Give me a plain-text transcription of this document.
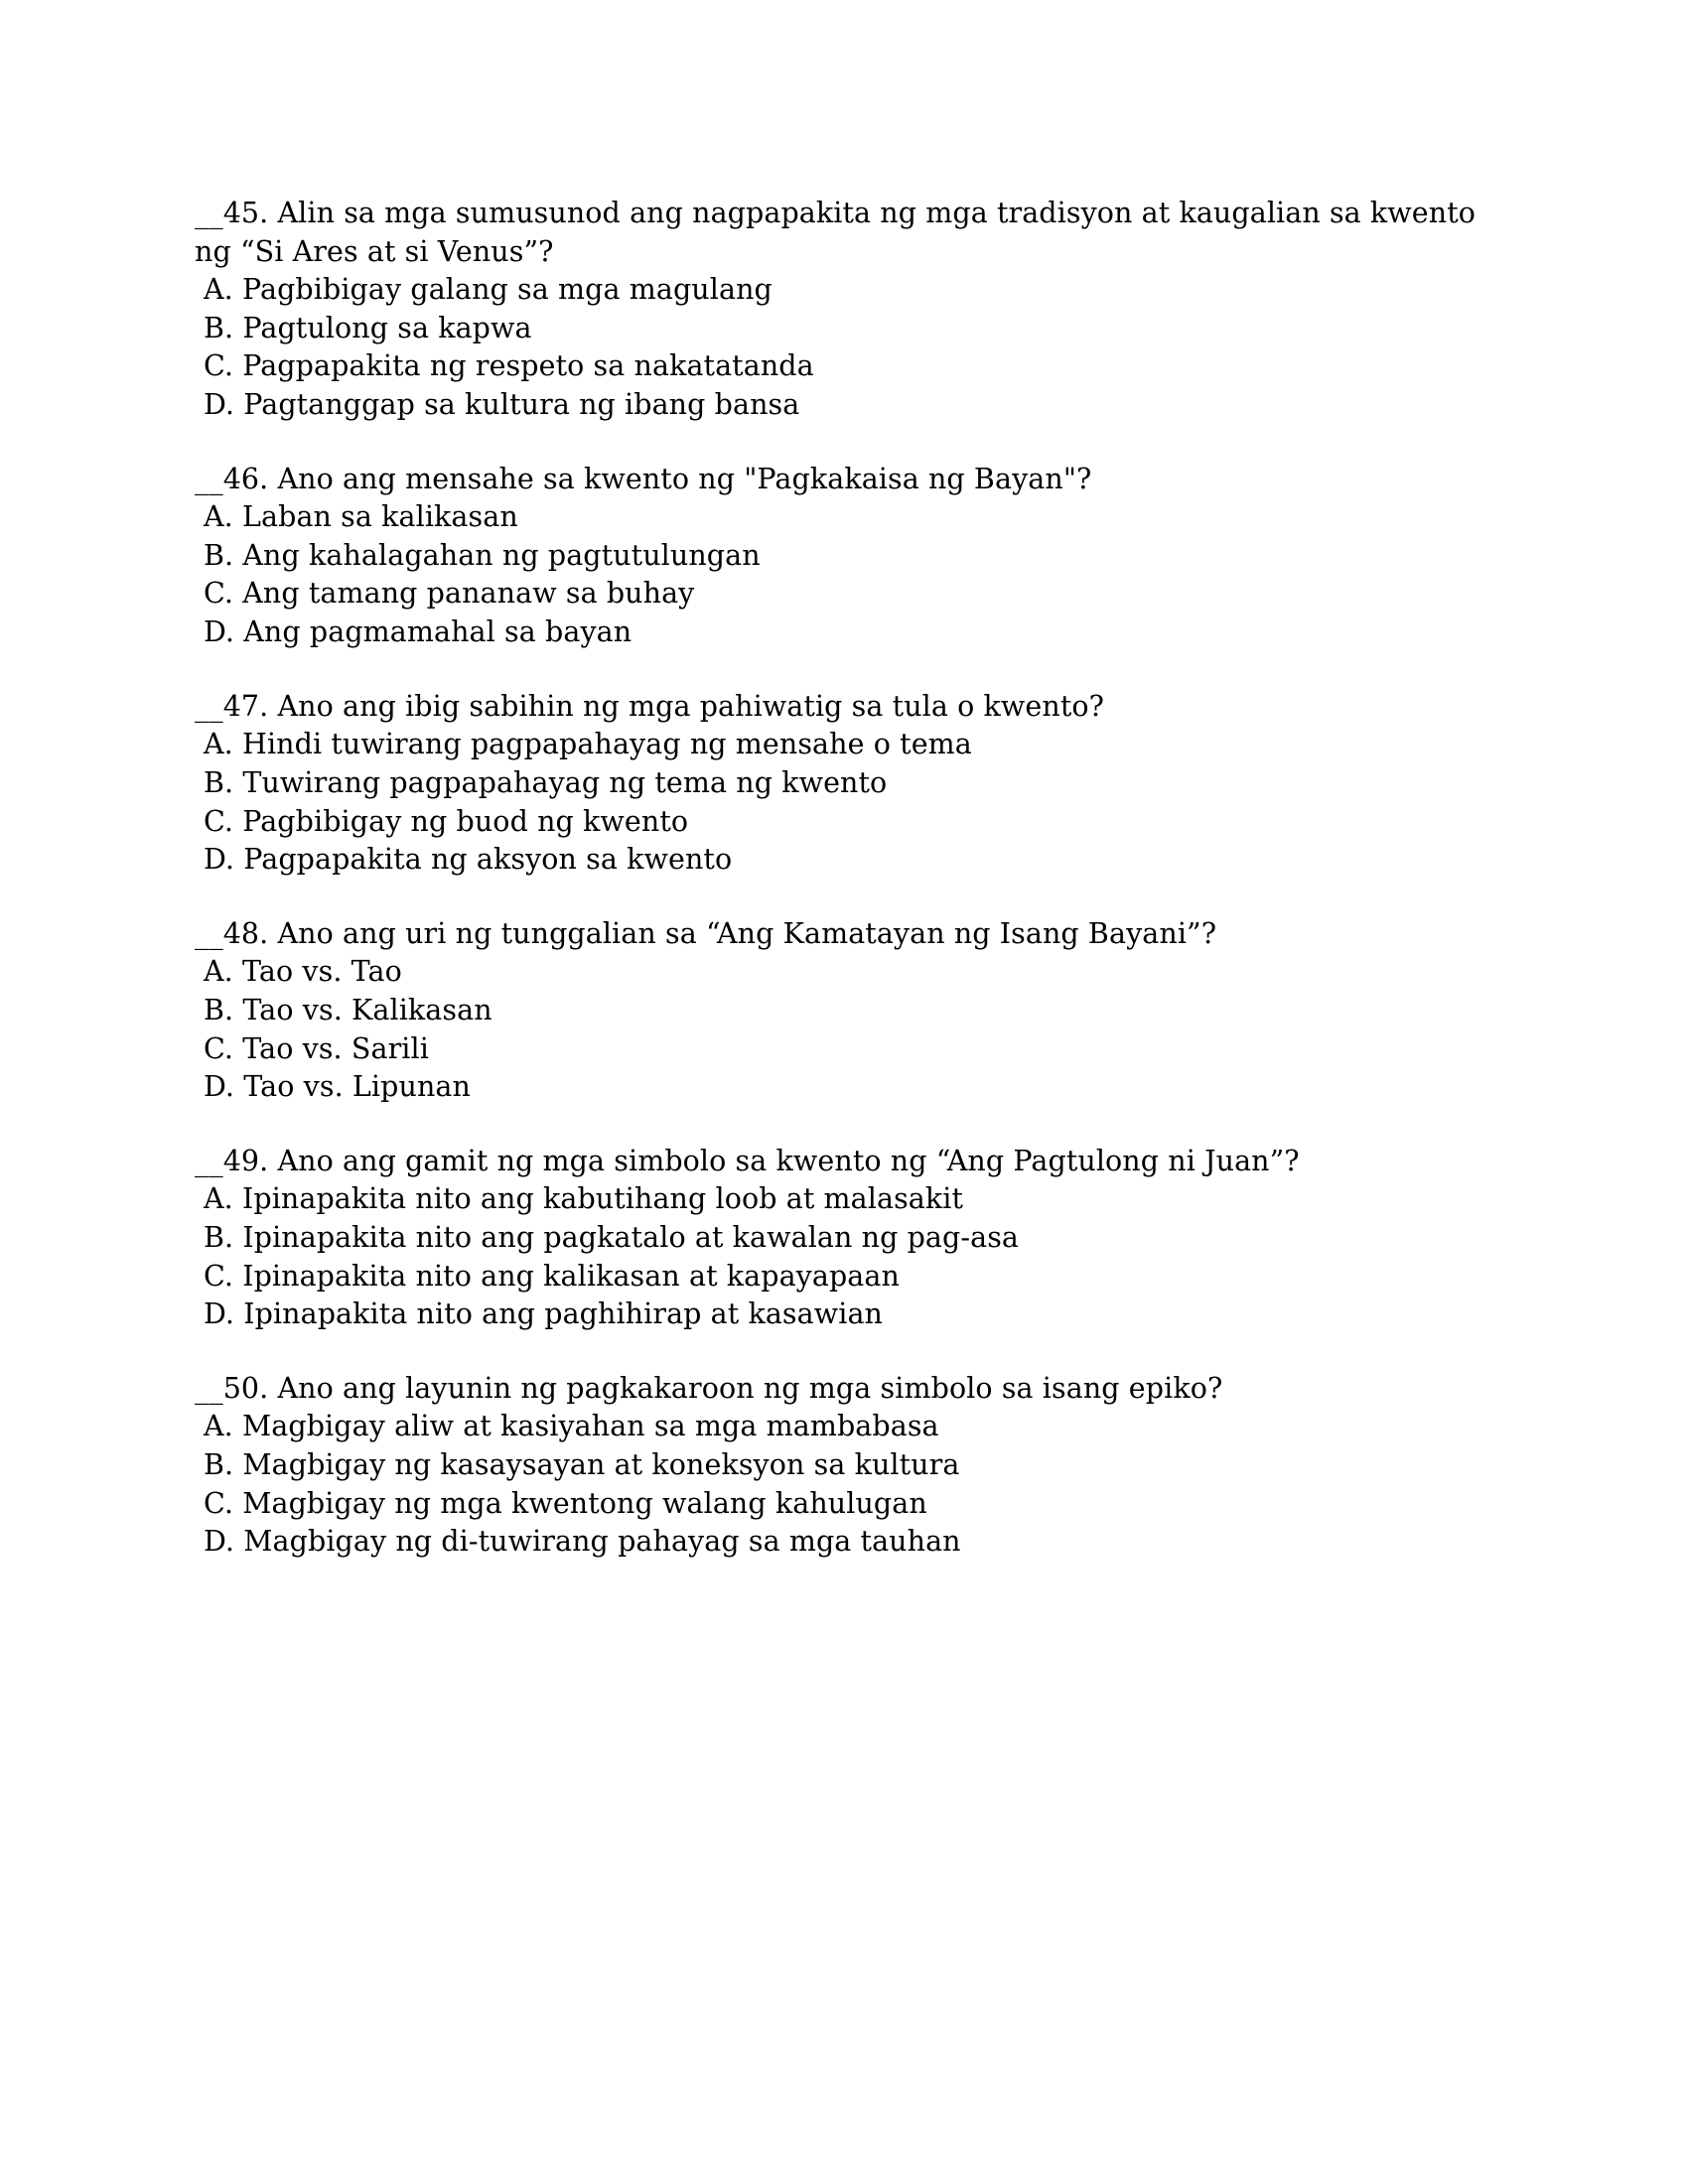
__45. Alin sa mga sumusunod ang nagpapakita ng mga tradisyon at kaugalian sa kwento ng “Si Ares at si Venus”?

A. Pagbibigay galang sa mga magulang

B. Pagtulong sa kapwa

C. Pagpapakita ng respeto sa nakatatanda

D. Pagtanggap sa kultura ng ibang bansa

__46. Ano ang mensahe sa kwento ng "Pagkakaisa ng Bayan"?

A. Laban sa kalikasan

B. Ang kahalagahan ng pagtutulungan

C. Ang tamang pananaw sa buhay

D. Ang pagmamahal sa bayan

__47. Ano ang ibig sabihin ng mga pahiwatig sa tula o kwento?

A. Hindi tuwirang pagpapahayag ng mensahe o tema

B. Tuwirang pagpapahayag ng tema ng kwento

C. Pagbibigay ng buod ng kwento

D. Pagpapakita ng aksyon sa kwento

__48. Ano ang uri ng tunggalian sa “Ang Kamatayan ng Isang Bayani”?

A. Tao vs. Tao

B. Tao vs. Kalikasan

C. Tao vs. Sarili

D. Tao vs. Lipunan

__49. Ano ang gamit ng mga simbolo sa kwento ng “Ang Pagtulong ni Juan”?

A. Ipinapakita nito ang kabutihang loob at malasakit

B. Ipinapakita nito ang pagkatalo at kawalan ng pag-asa

C. Ipinapakita nito ang kalikasan at kapayapaan

D. Ipinapakita nito ang paghihirap at kasawian

__50. Ano ang layunin ng pagkakaroon ng mga simbolo sa isang epiko?

A. Magbigay aliw at kasiyahan sa mga mambabasa

B. Magbigay ng kasaysayan at koneksyon sa kultura

C. Magbigay ng mga kwentong walang kahulugan

D. Magbigay ng di-tuwirang pahayag sa mga tauhan
